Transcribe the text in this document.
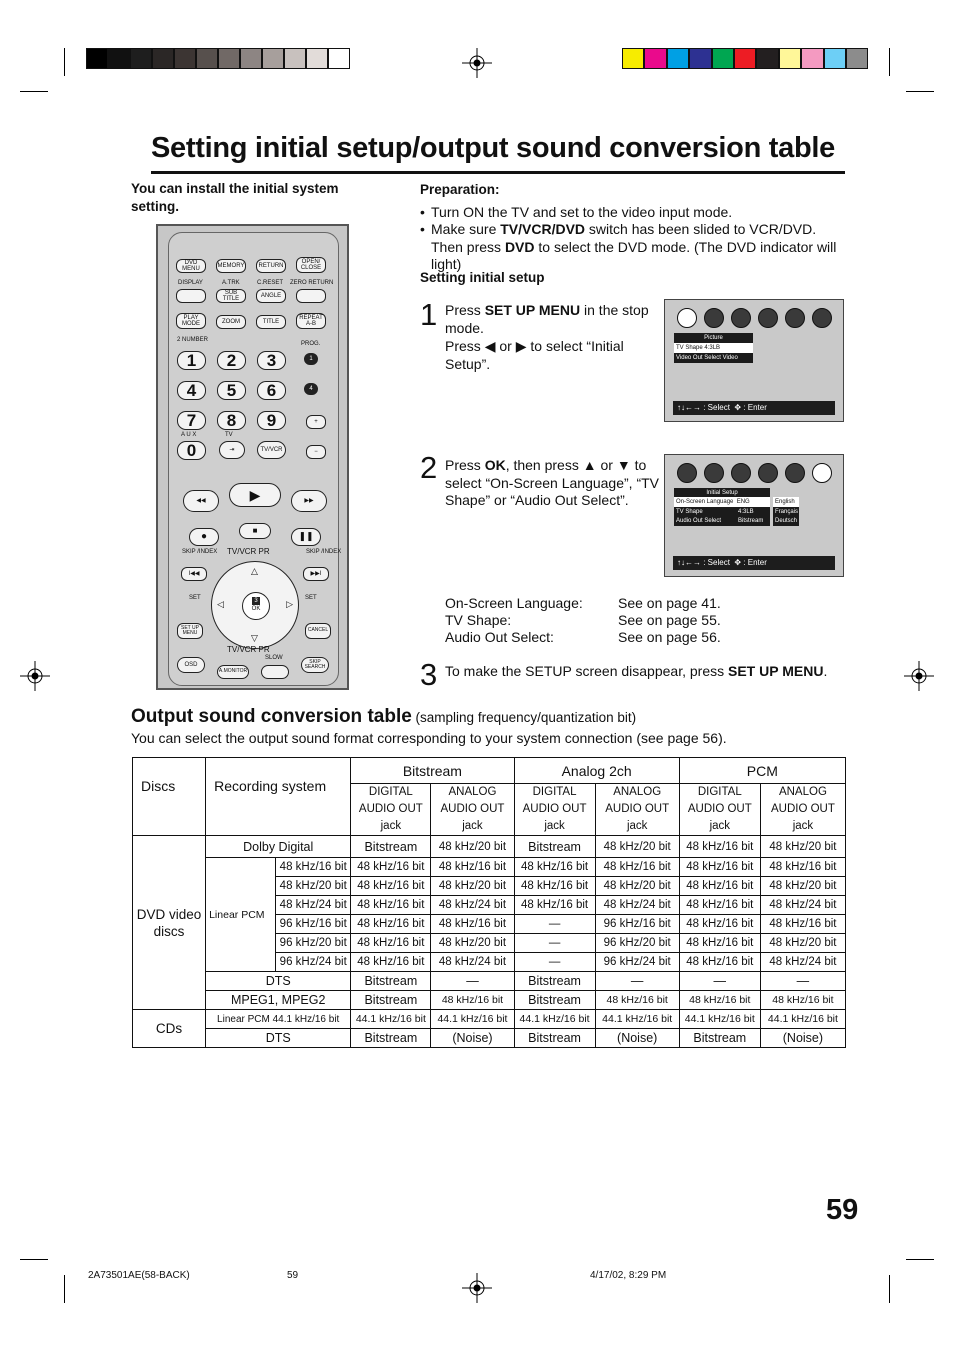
Setting initial setup/output sound conversion table
You can install the initial system setting.
Preparation:
• Turn ON the TV and set to the video input mode.
• Make sure TV/VCR/DVD switch has been slided to VCR/DVD. Then press DVD to select the DVD mode. (The DVD indicator will light)
Setting initial setup
DVD MENU
MEMORY	RETURN
OPEN/ CLOSE
DISPLAY	A.TRK	C.RESET ZERO RETURN
SUB TITLE
ANGLE
PLAY MODE	ZOOM	TITLE
REPEAT A-B
2 NUMBER
PROG.
1	2	3
4	5	6
7	8	9
A U X	TV
0	⇥	TV/VCR
1
4
+
−
◀◀	▶	▶▶
●
■
❚❚
SKIP /INDEX	SKIP /INDEX
TV/VCR PR
I◀◀	▶▶I
3
OK
△
▽
◁	▷
SET	SET
SET UP MENU	CANCEL
TV/VCR PR
OSD
A.MONITOR
SLOW
SKIP SEARCH
1 Press SET UP MENU in the stop mode.
Press ◀ or ▶ to select “Initial Setup”.
Picture
TV Shape 4:3LB
Video Out Select Video
↑↓←→ : Select  ✥ : Enter
2 Press OK, then press ▲ or ▼ to select “On-Screen Language”, “TV Shape” or “Audio Out Select”.	Initial Setup
On-Screen Language ENG
TV Shape	4:3LB
Audio Out Select	Bitstream
English
Français
Deutsch
↑↓←→ : Select  ✥ : Enter
On-Screen Language:	See on page 41.
TV Shape:	See on page 55.
Audio Out Select:	See on page 56.
3 To make the SETUP screen disappear, press SET UP MENU.
Output sound conversion table (sampling frequency/quantization bit)
You can select the output sound format corresponding to your system connection (see page 56).
Discs	Recording system		Bitstream		Analog 2ch		PCM	
			DIGITAL AUDIO OUT jack	ANALOG AUDIO OUT jack	DIGITAL AUDIO OUT jack	ANALOG AUDIO OUT jack	DIGITAL AUDIO OUT jack	ANALOG AUDIO OUT jack
DVD video discs	Dolby Digital		Bitstream	48 kHz/20 bit	Bitstream	48 kHz/20 bit	48 kHz/16 bit	48 kHz/20 bit
	Linear PCM	48 kHz/16 bit	48 kHz/16 bit	48 kHz/16 bit	48 kHz/16 bit	48 kHz/16 bit	48 kHz/16 bit	48 kHz/16 bit
		48 kHz/20 bit	48 kHz/16 bit	48 kHz/20 bit	48 kHz/16 bit	48 kHz/20 bit	48 kHz/16 bit	48 kHz/20 bit
		48 kHz/24 bit	48 kHz/16 bit	48 kHz/24 bit	48 kHz/16 bit	48 kHz/24 bit	48 kHz/16 bit	48 kHz/24 bit
		96 kHz/16 bit	48 kHz/16 bit	48 kHz/16 bit	—	96 kHz/16 bit	48 kHz/16 bit	48 kHz/16 bit
		96 kHz/20 bit	48 kHz/16 bit	48 kHz/20 bit	—	96 kHz/20 bit	48 kHz/16 bit	48 kHz/20 bit
		96 kHz/24 bit	48 kHz/16 bit	48 kHz/24 bit	—	96 kHz/24 bit	48 kHz/16 bit	48 kHz/24 bit
	DTS		Bitstream	—	Bitstream	—	—	—
	MPEG1, MPEG2		Bitstream	48 kHz/16 bit	Bitstream	48 kHz/16 bit	48 kHz/16 bit	48 kHz/16 bit
CDs	Linear PCM 44.1 kHz/16 bit		44.1 kHz/16 bit	44.1 kHz/16 bit	44.1 kHz/16 bit	44.1 kHz/16 bit	44.1 kHz/16 bit	44.1 kHz/16 bit
	DTS		Bitstream	(Noise)	Bitstream	(Noise)	Bitstream	(Noise)
59
2A73501AE(58-BACK)	59	4/17/02, 8:29 PM
